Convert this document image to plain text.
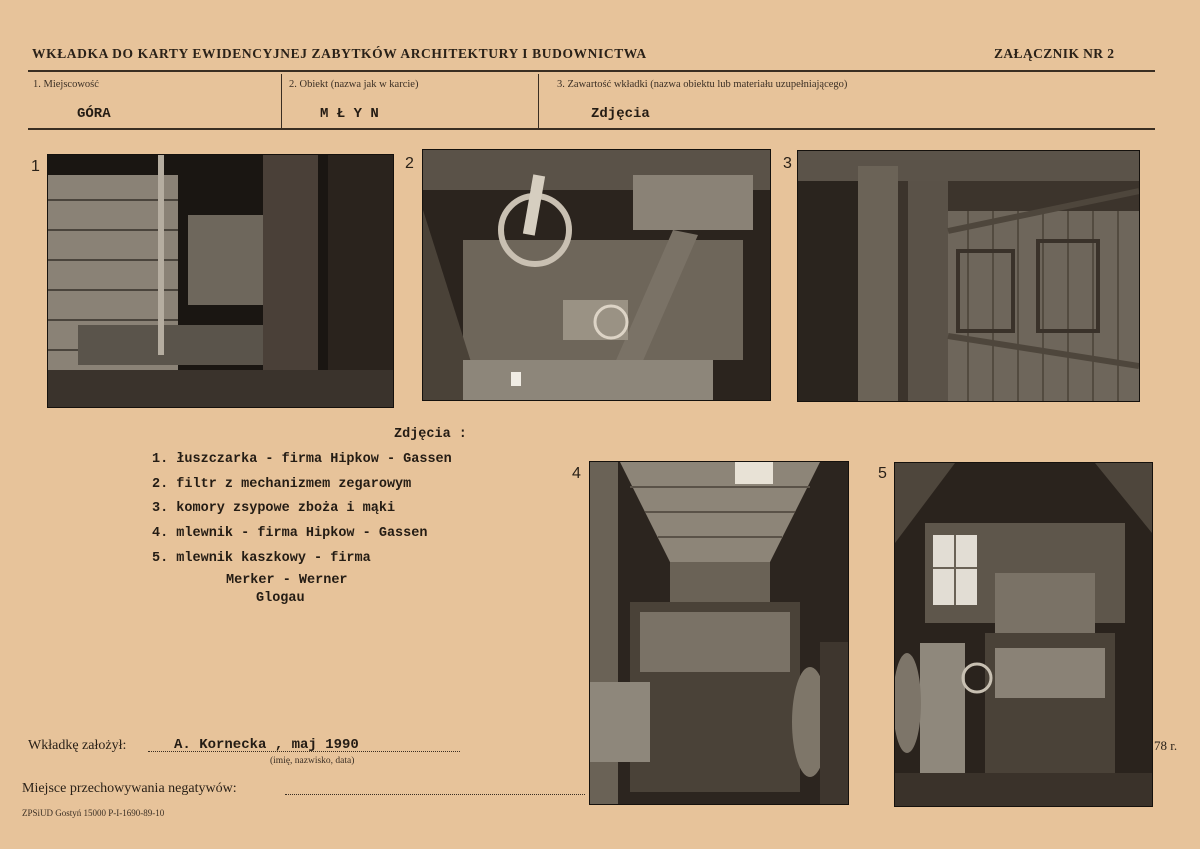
WKŁADKA DO KARTY EWIDENCYJNEJ ZABYTKÓW ARCHITEKTURY I BUDOWNICTWA	ZAŁĄCZNIK NR 2
1. Miejscowość
GÓRA
2. Obiekt (nazwa jak w karcie)
M Ł Y N
3. Zawartość wkładki (nazwa obiektu lub materiału uzupełniającego)
Zdjęcia
1	2	3
Zdjęcia :
1. łuszczarka - firma Hipkow - Gassen
2. filtr z mechanizmem zegarowym
3. komory zsypowe zboża i mąki
4. mlewnik - firma Hipkow - Gassen
5. mlewnik kaszkowy - firma
Merker - Werner
Glogau
4	5
Wkładkę założył:	A. Kornecka , maj 1990
(imię, nazwisko, data)
78 r.
Miejsce przechowywania negatywów:
ZPSiUD Gostyń 15000 P-I-1690-89-10
